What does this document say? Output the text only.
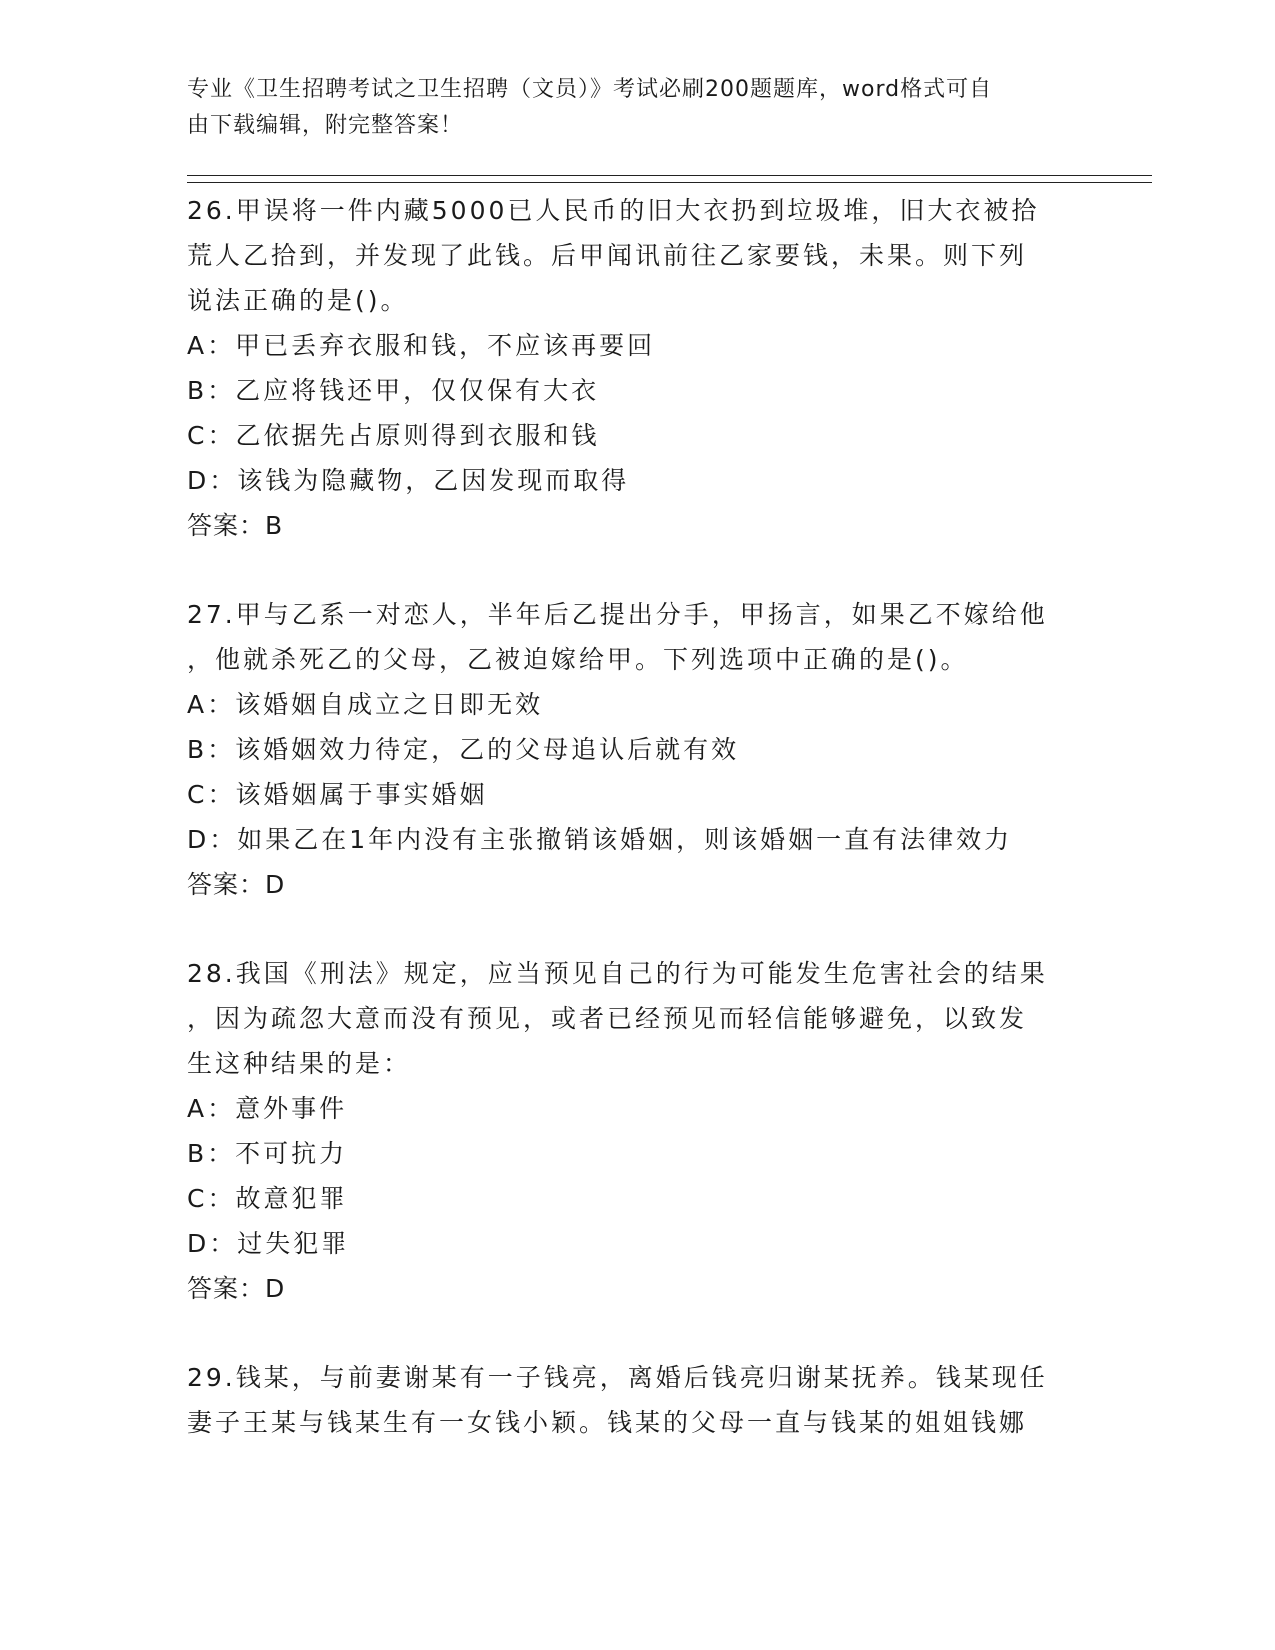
专业《卫生招聘考试之卫生招聘（文员）》考试必刷200题题库，word格式可自
由下载编辑，附完整答案！
26.甲误将一件内藏5000已人民币的旧大衣扔到垃圾堆，旧大衣被拾
荒人乙拾到，并发现了此钱。后甲闻讯前往乙家要钱，未果。则下列
说法正确的是()。
A：甲已丢弃衣服和钱，不应该再要回
B：乙应将钱还甲，仅仅保有大衣
C：乙依据先占原则得到衣服和钱
D：该钱为隐藏物，乙因发现而取得
答案：B
27.甲与乙系一对恋人，半年后乙提出分手，甲扬言，如果乙不嫁给他
，他就杀死乙的父母，乙被迫嫁给甲。下列选项中正确的是()。
A：该婚姻自成立之日即无效
B：该婚姻效力待定，乙的父母追认后就有效
C：该婚姻属于事实婚姻
D：如果乙在1年内没有主张撤销该婚姻，则该婚姻一直有法律效力
答案：D
28.我国《刑法》规定，应当预见自己的行为可能发生危害社会的结果
，因为疏忽大意而没有预见，或者已经预见而轻信能够避免，以致发
生这种结果的是：
A：意外事件
B：不可抗力
C：故意犯罪
D：过失犯罪
答案：D
29.钱某，与前妻谢某有一子钱亮，离婚后钱亮归谢某抚养。钱某现任
妻子王某与钱某生有一女钱小颖。钱某的父母一直与钱某的姐姐钱娜
